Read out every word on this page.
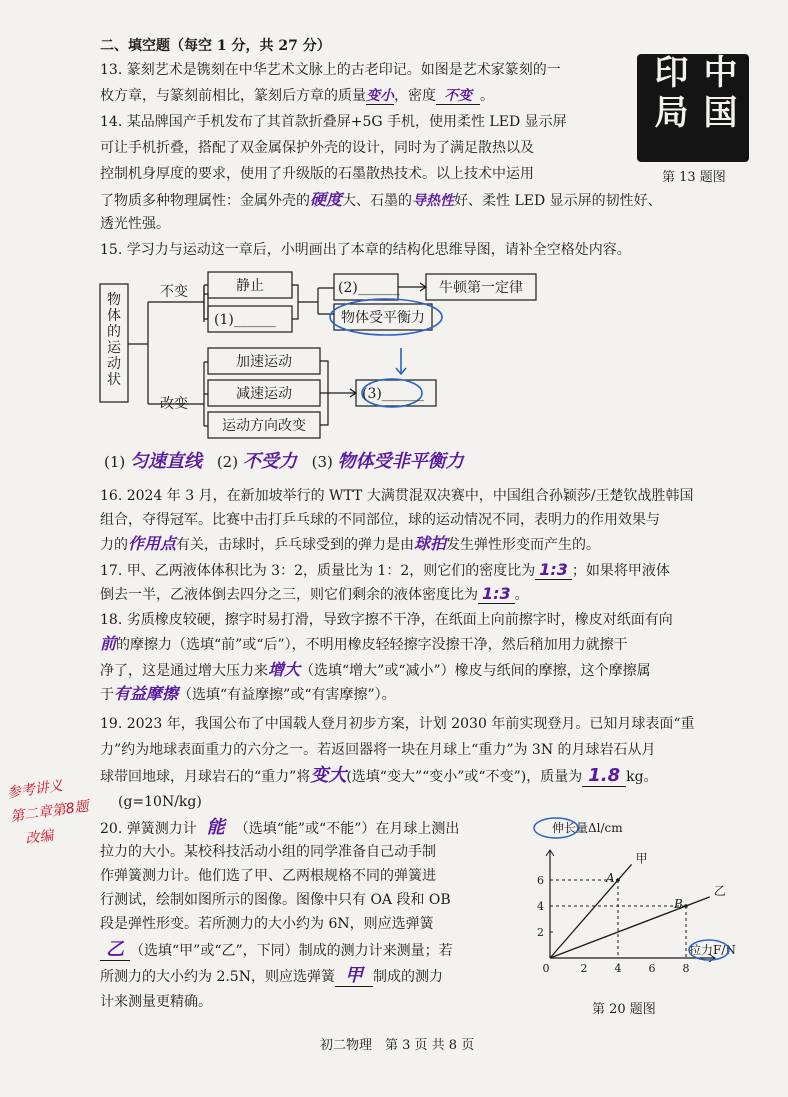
二、填空题（每空 1 分，共 27 分）
13. 篆刻艺术是镌刻在中华艺术文脉上的古老印记。如图是艺术家篆刻的一
枚方章，与篆刻前相比，篆刻后方章的质量变小，密度 不变 。	中国 印局
第 13 题图
14. 某品牌国产手机发布了其首款折叠屏+5G 手机，使用柔性 LED 显示屏
可让手机折叠，搭配了双金属保护外壳的设计，同时为了满足散热以及
控制机身厚度的要求，使用了升级版的石墨散热技术。以上技术中运用
了物质多种物理属性：金属外壳的硬度大、石墨的导热性好、柔性 LED 显示屏的韧性好、
透光性强。
15. 学习力与运动这一章后，小明画出了本章的结构化思维导图，请补全空格处内容。
物体的运动状
不变
改变
静止
(1)______
(2)______
物体受平衡力
牛顿第一定律
加速运动
减速运动
运动方向改变
(3)______
(1) 匀速直线 (2) 不受力 (3) 物体受非平衡力
16. 2024 年 3 月，在新加坡举行的 WTT 大满贯混双决赛中，中国组合孙颖莎/王楚钦战胜韩国
组合，夺得冠军。比赛中击打乒乓球的不同部位，球的运动情况不同，表明力的作用效果与
力的作用点有关，击球时，乒乓球受到的弹力是由球拍发生弹性形变而产生的。
17. 甲、乙两液体体积比为 3：2，质量比为 1：2，则它们的密度比为 1:3 ；如果将甲液体
倒去一半，乙液体倒去四分之三，则它们剩余的液体密度比为 1:3 。
18. 劣质橡皮较硬，擦字时易打滑，导致字擦不干净，在纸面上向前擦字时，橡皮对纸面有向
前的摩擦力（选填“前”或“后”），不明用橡皮轻轻擦字没擦干净，然后稍加用力就擦干
净了，这是通过增大压力来增大（选填“增大”或“减小”）橡皮与纸间的摩擦，这个摩擦属
于有益摩擦（选填“有益摩擦”或“有害摩擦”）。
19. 2023 年，我国公布了中国载人登月初步方案，计划 2030 年前实现登月。已知月球表面“重
力”约为地球表面重力的六分之一。若返回器将一块在月球上“重力”为 3N 的月球岩石从月
球带回地球，月球岩石的“重力”将变大(选填“变大”“变小”或“不变”)，质量为 1.8 kg。
(g=10N/kg)
参考讲义
第二章第8题
改编	20. 弹簧测力计 能 （选填“能”或“不能”）在月球上测出
拉力的大小。某校科技活动小组的同学准备自己动手制
作弹簧测力计。他们选了甲、乙两根规格不同的弹簧进
行测试，绘制如图所示的图像。图像中只有 OA 段和 OB
段是弹性形变。若所测力的大小约为 6N，则应选弹簧
乙 （选填“甲”或“乙”，下同）制成的测力计来测量；若
所测力的大小约为 2.5N，则应选弹簧 甲 制成的测力
计来测量更精确。
伸长量Δl/cm
拉力F/N
0	2 4 6 8
2
4
6	A
甲
B
乙
第 20 题图
初二物理　第 3 页 共 8 页
